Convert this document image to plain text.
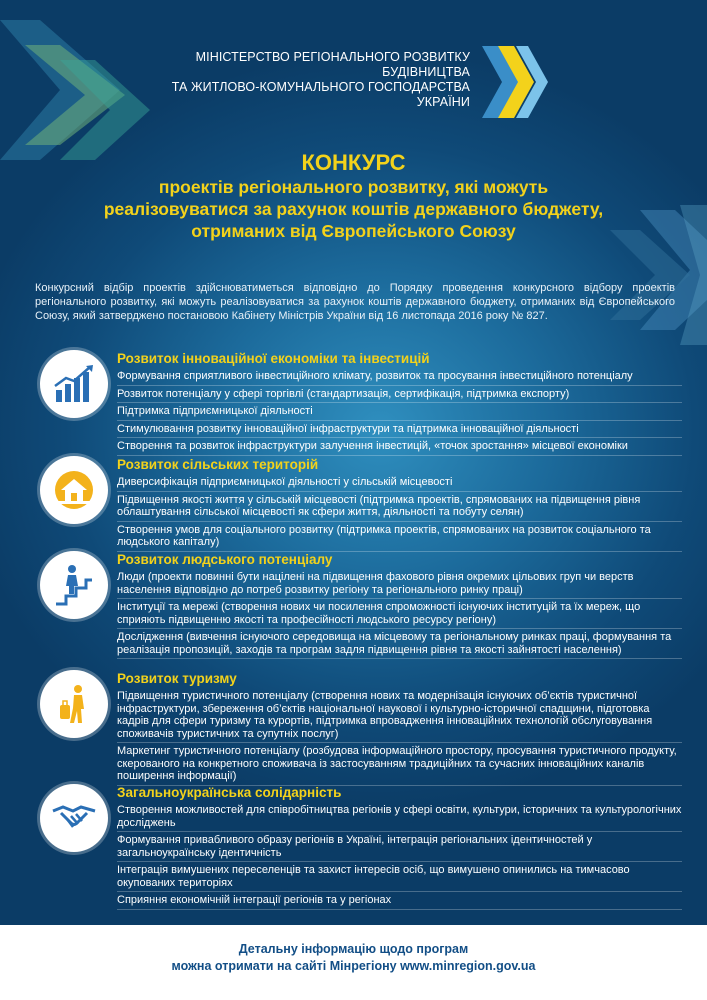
МІНІСТЕРСТВО РЕГІОНАЛЬНОГО РОЗВИТКУ
БУДІВНИЦТВА
ТА ЖИТЛОВО-КОМУНАЛЬНОГО ГОСПОДАРСТВА
УКРАЇНИ
КОНКУРС
проектів регіонального розвитку, які можуть
реалізовуватися за рахунок коштів державного бюджету,
отриманих від Європейського Союзу
Конкурсний відбір проектів здійснюватиметься відповідно до Порядку проведення конкурсного відбору проектів регіонального розвитку, які можуть реалізовуватися за рахунок коштів державного бюджету, отриманих від Європейського Союзу, який затверджено постановою Кабінету Міністрів України від 16 листопада 2016 року № 827.
Розвиток інноваційної економіки та інвестицій
Формування сприятливого інвестиційного клімату, розвиток та просування інвестиційного потенціалу
Розвиток потенціалу у сфері торгівлі (стандартизація, сертифікація, підтримка експорту)
Підтримка підприємницької діяльності
Стимулювання розвитку інноваційної інфраструктури та підтримка інноваційної діяльності
Створення та розвиток інфраструктури залучення інвестицій, «точок зростання» місцевої економіки
Розвиток сільських територій
Диверсифікація підприємницької діяльності у сільській місцевості
Підвищення якості життя у сільській місцевості (підтримка проектів, спрямованих на підвищення рівня облаштування сільської місцевості як сфери життя, діяльності та побуту селян)
Створення умов для соціального розвитку (підтримка проектів, спрямованих на розвиток соціального та людського капіталу)
Розвиток людського потенціалу
Люди (проекти повинні бути націлені на підвищення фахового рівня окремих цільових груп чи верств населення відповідно до потреб розвитку регіону та регіонального ринку праці)
Інституції та мережі (створення нових чи посилення спроможності існуючих інституцій та їх мереж, що сприяють підвищенню якості та професійності людського ресурсу регіону)
Дослідження (вивчення існуючого середовища на місцевому та регіональному ринках праці, формування та реалізація пропозицій, заходів та програм задля підвищення рівня та якості зайнятості населення)
Розвиток туризму
Підвищення туристичного потенціалу (створення нових та модернізація існуючих об’єктів туристичної інфраструктури, збереження об’єктів національної наукової і культурно-історичної спадщини, підготовка кадрів для сфери туризму та курортів, підтримка впровадження інноваційних технологій обслуговування споживачів туристичних та супутніх послуг)
Маркетинг туристичного потенціалу (розбудова інформаційного простору, просування туристичного продукту, скерованого на конкретного споживача із застосуванням традиційних та сучасних інноваційних каналів поширення інформації)
Загальноукраїнська солідарність
Створення можливостей для співробітництва регіонів у сфері освіти, культури, історичних та культурологічних досліджень
Формування привабливого образу регіонів в Україні, інтеграція регіональних ідентичностей у загальноукраїнську ідентичність
Інтеграція вимушених переселенців та захист інтересів осіб, що вимушено опинились на тимчасово окупованих територіях
Сприяння економічній інтеграції регіонів та у регіонах
Детальну інформацію щодо програм
можна отримати на сайті Мінрегіону www.minregion.gov.ua
